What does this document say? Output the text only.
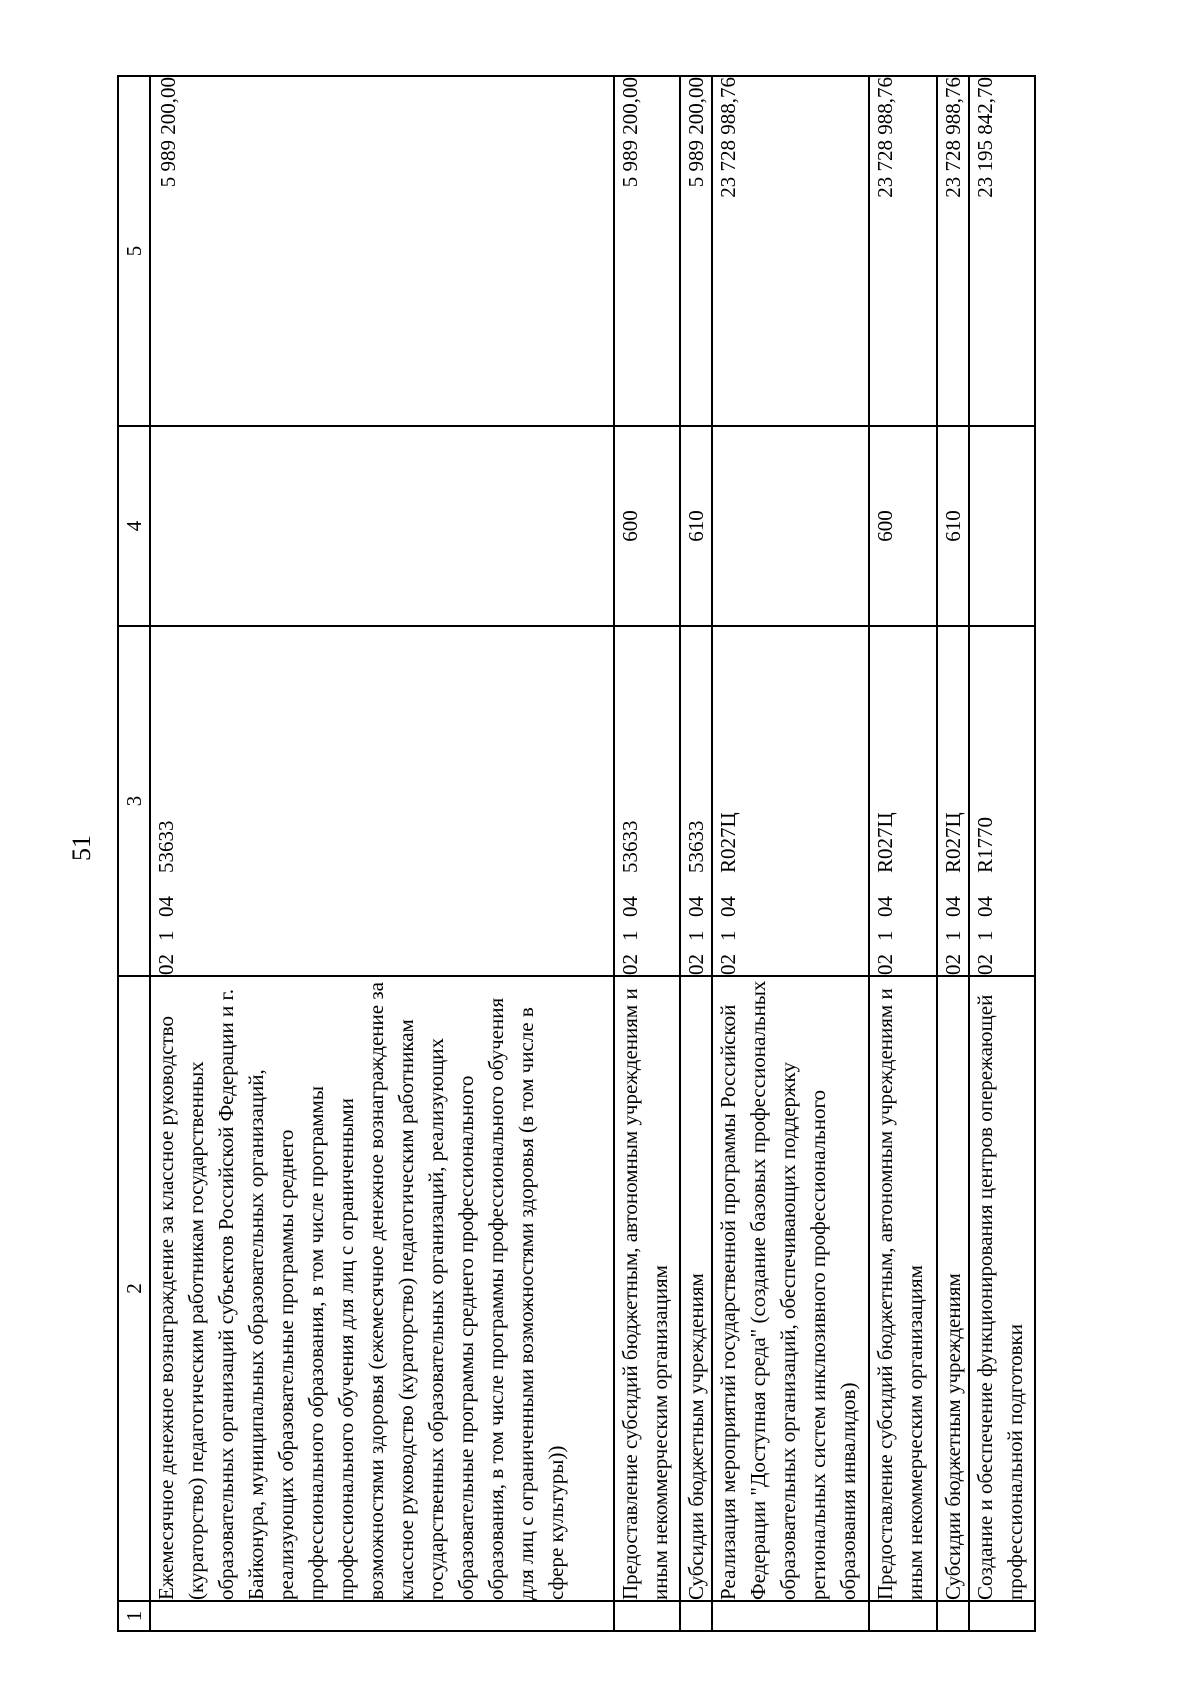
51
1	2	3	4	5
	Ежемесячное денежное вознаграждение за классное руководство (кураторство) педагогическим работникам государственных образовательных организаций субъектов Российской Федерации и г. Байконура, муниципальных образовательных организаций, реализующих образовательные программы среднего профессионального образования, в том числе программы профессионального обучения для лиц с ограниченными возможностями здоровья (ежемесячное денежное вознаграждение за классное руководство (кураторство) педагогическим работникам государственных образовательных организаций, реализующих образовательные программы среднего профессионального образования, в том числе программы профессионального обучения для лиц с ограниченными возможностями здоровья (в том числе в сфере культуры))	0210453633		5 989 200,00
	Предоставление субсидий бюджетным, автономным учреждениям и иным некоммерческим организациям	0210453633	600	5 989 200,00
	Субсидии бюджетным учреждениям	0210453633	610	5 989 200,00
	Реализация мероприятий государственной программы Российской Федерации "Доступная среда" (создание базовых профессиональных образовательных организаций, обеспечивающих поддержку региональных систем инклюзивного профессионального образования инвалидов)	02104R027Ц		23 728 988,76
	Предоставление субсидий бюджетным, автономным учреждениям и иным некоммерческим организациям	02104R027Ц	600	23 728 988,76
	Субсидии бюджетным учреждениям	02104R027Ц	610	23 728 988,76
	Создание и обеспечение функционирования центров опережающей профессиональной подготовки	02104R1770		23 195 842,70
